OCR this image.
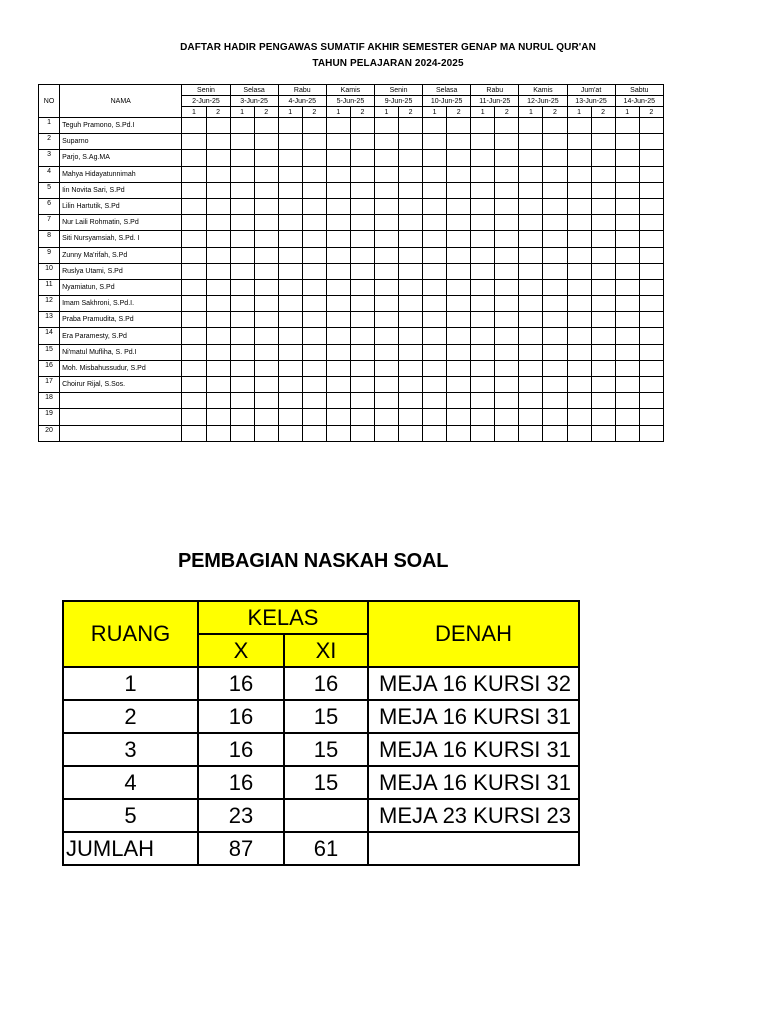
DAFTAR HADIR PENGAWAS SUMATIF AKHIR SEMESTER GENAP MA NURUL QUR'AN
TAHUN PELAJARAN 2024-2025
NO	NAMA	Senin		Selasa		Rabu		Kamis		Senin		Selasa		Rabu		Kamis		Jum'at		Sabtu	
		2-Jun-25		3-Jun-25		4-Jun-25		5-Jun-25		9-Jun-25		10-Jun-25		11-Jun-25		12-Jun-25		13-Jun-25		14-Jun-25	
		1	2	1	2	1	2	1	2	1	2	1	2	1	2	1	2	1	2	1	2
1	Teguh Pramono, S.Pd.I																				
2	Suparno																				
3	Parjo, S.Ag.MA																				
4	Mahya Hidayatunnimah																				
5	Iin Novita Sari, S.Pd																				
6	Lilin Hartutik, S.Pd																				
7	Nur Laili Rohmatin, S.Pd																				
8	Siti Nursyamsiah, S.Pd. I																				
9	Zunny Ma'rifah, S.Pd																				
10	Ruslya Utami, S.Pd																				
11	Nyamiatun, S.Pd																				
12	Imam Sakhroni, S.Pd.I.																				
13	Praba Pramudita, S.Pd																				
14	Era Paramesty, S.Pd																				
15	Ni'matul Mufliha, S. Pd.I																				
16	Moh. Misbahussudur, S.Pd																				
17	Choirur Rijal, S.Sos.																				
18																					
19																					
20																					
PEMBAGIAN NASKAH SOAL
RUANG	KELAS		DENAH
	X	XI	
1	16	16	MEJA 16 KURSI 32
2	16	15	MEJA 16 KURSI 31
3	16	15	MEJA 16 KURSI 31
4	16	15	MEJA 16 KURSI 31
5	23		MEJA 23 KURSI 23
JUMLAH	87	61	
